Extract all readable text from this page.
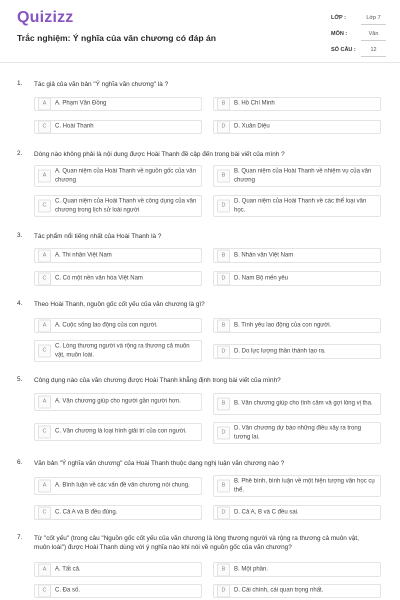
Quizizz
Trắc nghiệm: Ý nghĩa của văn chương có đáp án
LỚP :	Lớp 7
MÔN :	Văn
SỐ CÂU :	12
1. Tác giả của văn bản "Ý nghĩa văn chương" là ?
A	A. Phạm Văn Đồng	B	B. Hồ Chí Minh
C	C. Hoài Thanh	D	D. Xuân Diệu
2. Dòng nào không phải là nội dung được Hoài Thanh đề cập đến trong bài viết của mình ?
A
A. Quan niệm của Hoài Thanh về nguồn gốc của văn chương
B
B. Quan niệm của Hoài Thanh về nhiệm vụ của văn chương
C
C. Quan niệm của Hoài Thanh về công dụng của văn chương trong lịch sử loài người
D
D. Quan niệm của Hoài Thanh về các thể loại văn học.
3. Tác phẩm nổi tiếng nhất của Hoài Thanh là ?
A	A. Thi nhân Việt Nam	B	B. Nhân văn Việt Nam
C	C. Có một nền văn hóa Việt Nam	D	D. Nam Bộ mến yêu
4. Theo Hoài Thanh, nguồn gốc cốt yếu của văn chương là gì?
A	A. Cuộc sống lao động của con người.	B	B. Tình yêu lao động của con người.
C
C. Lòng thương người và rộng ra thương cả muôn vật, muôn loài.
D	D. Do lực lượng thần thánh tạo ra.
5. Công dụng nào của văn chương được Hoài Thanh khẳng định trong bài viết của mình?
A	A. Văn chương giúp cho người gần người hơn.	B	B. Văn chương giúp cho tình cảm và gợi lòng vị tha.
C	C. Văn chương là loại hình giải trí của con người.	D
D. Văn chương dự báo những điều xảy ra trong tương lai.
6. Văn bản "Ý nghĩa văn chương" của Hoài Thanh thuộc dạng nghị luận văn chương nào ?
A	A. Bình luận về các vấn đề văn chương nói chung.	B
B. Phê bình, bình luận về một hiện tượng văn học cụ thể.
C	C. Cả A và B đều đúng.	D	D. Cả A, B và C đều sai.
7. Từ "cốt yếu" (trong câu "Nguồn gốc cốt yếu của văn chương là lòng thương người và rộng ra thương cả muôn vật, muôn loài") được Hoài Thanh dùng với ý nghĩa nào khi nói về nguồn gốc của văn chương?
A	A. Tất cả.	B	B. Một phần.
C	C. Đa số.	D	D. Cái chính, cái quan trọng nhất.
